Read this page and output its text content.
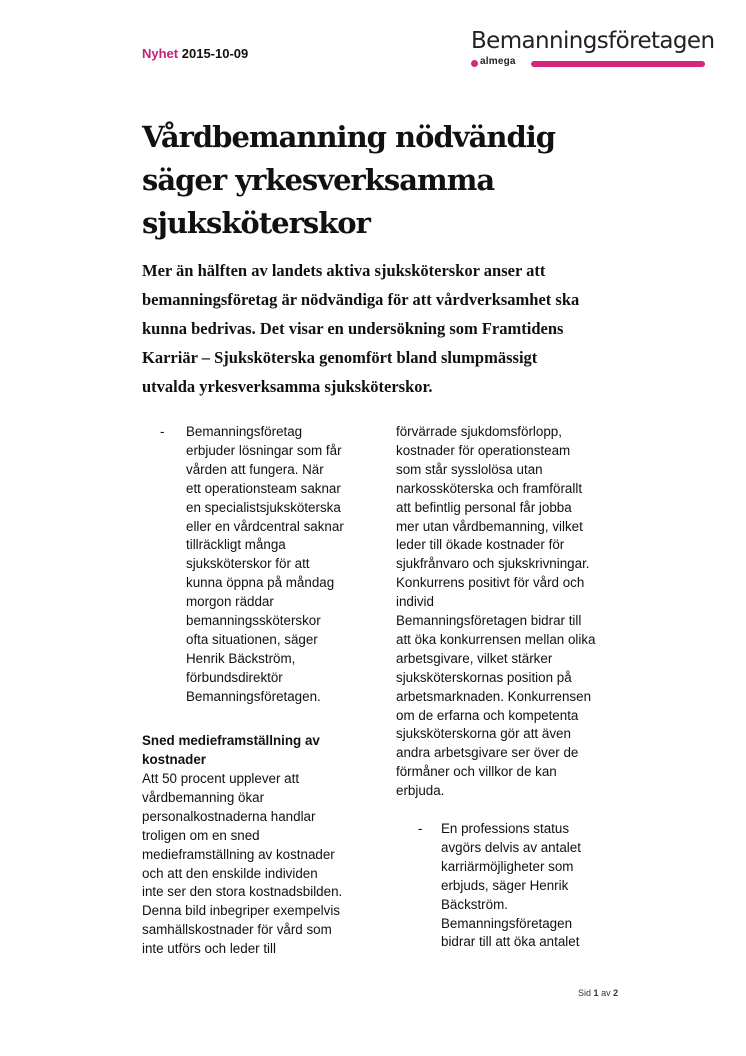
Nyhet 2015-10-09	Bemanningsföretagen
almega
Vårdbemanning nödvändig
säger yrkesverksamma
sjuksköterskor
Mer än hälften av landets aktiva sjuksköterskor anser att
bemanningsföretag är nödvändiga för att vårdverksamhet ska
kunna bedrivas. Det visar en undersökning som Framtidens
Karriär – Sjuksköterska genomfört bland slumpmässigt
utvalda yrkesverksamma sjuksköterskor.
- Bemanningsföretag
erbjuder lösningar som får
vården att fungera. När
ett operationsteam saknar
en specialistsjuksköterska
eller en vårdcentral saknar
tillräckligt många
sjuksköterskor för att
kunna öppna på måndag
morgon räddar
bemanningssköterskor
ofta situationen, säger
Henrik Bäckström,
förbundsdirektör
Bemanningsföretagen.
Sned medieframställning av
kostnader
Att 50 procent upplever att
vårdbemanning ökar
personalkostnaderna handlar
troligen om en sned
medieframställning av kostnader
och att den enskilde individen
inte ser den stora kostnadsbilden.
Denna bild inbegriper exempelvis
samhällskostnader för vård som
inte utförs och leder till
förvärrade sjukdomsförlopp,
kostnader för operationsteam
som står sysslolösa utan
narkossköterska och framförallt
att befintlig personal får jobba
mer utan vårdbemanning, vilket
leder till ökade kostnader för
sjukfrånvaro och sjukskrivningar.
Konkurrens positivt för vård och
individ
Bemanningsföretagen bidrar till
att öka konkurrensen mellan olika
arbetsgivare, vilket stärker
sjuksköterskornas position på
arbetsmarknaden. Konkurrensen
om de erfarna och kompetenta
sjuksköterskorna gör att även
andra arbetsgivare ser över de
förmåner och villkor de kan
erbjuda.
- En professions status
avgörs delvis av antalet
karriärmöjligheter som
erbjuds, säger Henrik
Bäckström.
Bemanningsföretagen
bidrar till att öka antalet
Sid 1 av 2
